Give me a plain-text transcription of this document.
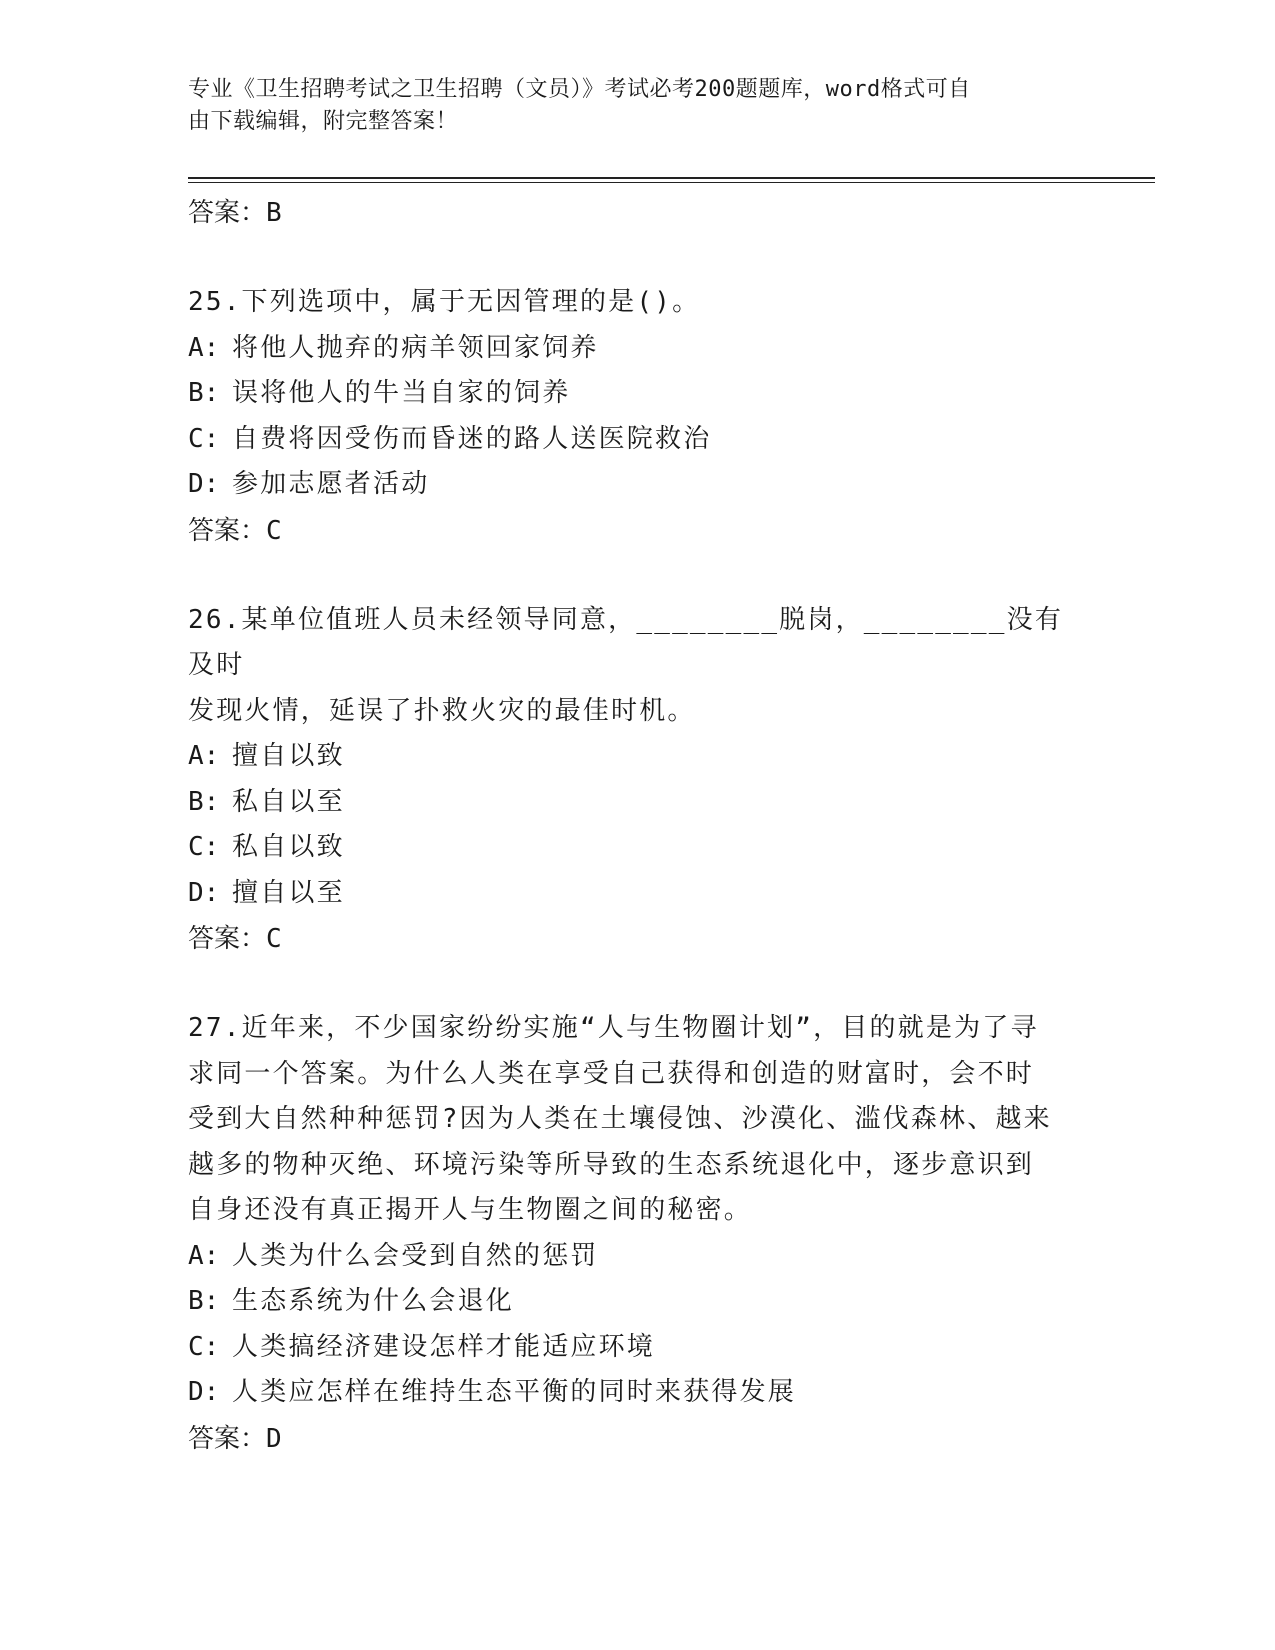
专业《卫生招聘考试之卫生招聘（文员）》考试必考200题题库，word格式可自
由下载编辑，附完整答案！
答案：B
25.下列选项中，属于无因管理的是()。
A: 将他人抛弃的病羊领回家饲养
B: 误将他人的牛当自家的饲养
C: 自费将因受伤而昏迷的路人送医院救治
D: 参加志愿者活动
答案：C
26.某单位值班人员未经领导同意，________脱岗，________没有及时
发现火情，延误了扑救火灾的最佳时机。
A: 擅自以致
B: 私自以至
C: 私自以致
D: 擅自以至
答案：C
27.近年来，不少国家纷纷实施“人与生物圈计划”，目的就是为了寻
求同一个答案。为什么人类在享受自己获得和创造的财富时，会不时
受到大自然种种惩罚?因为人类在土壤侵蚀、沙漠化、滥伐森林、越来
越多的物种灭绝、环境污染等所导致的生态系统退化中，逐步意识到
自身还没有真正揭开人与生物圈之间的秘密。
A: 人类为什么会受到自然的惩罚
B: 生态系统为什么会退化
C: 人类搞经济建设怎样才能适应环境
D: 人类应怎样在维持生态平衡的同时来获得发展
答案：D
